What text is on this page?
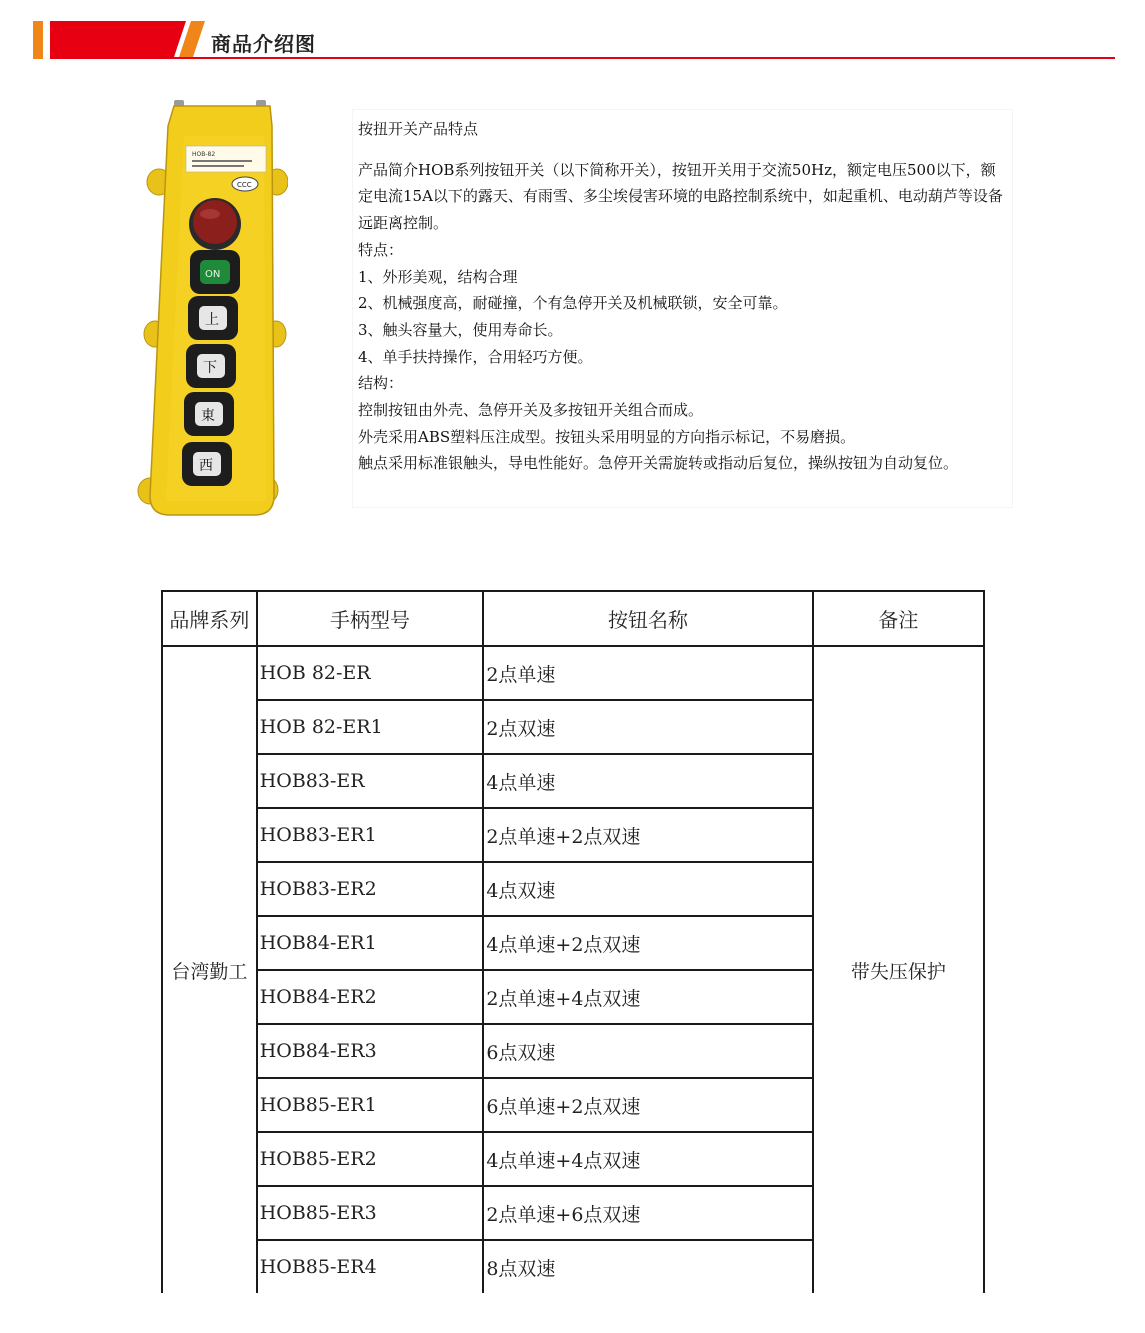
商品介绍图
HOB-82
CCC
ON
上
下
東
西

按扭开关产品特点

产品简介HOB系列按钮开关（以下简称开关），按钮开关用于交流50Hz，额定电压500以下，额定电流15A以下的露天、有雨雪、多尘埃侵害环境的电路控制系统中，如起重机、电动葫芦等设备远距离控制。

特点：

1、外形美观，结构合理

2、机械强度高，耐碰撞，个有急停开关及机械联锁，安全可靠。

3、触头容量大，使用寿命长。

4、单手扶持操作，合用轻巧方便。

结构：

控制按钮由外壳、急停开关及多按钮开关组合而成。

外壳采用ABS塑料压注成型。按钮头采用明显的方向指示标记，不易磨损。

触点采用标准银触头，导电性能好。急停开关需旋转或指动后复位，操纵按钮为自动复位。

品牌系列	手柄型号	按钮名称	备注
台湾勤工	HOB 82-ER	2点单速	带失压保护
	HOB 82-ER1	2点双速	
	HOB83-ER	4点单速	
	HOB83-ER1	2点单速+2点双速	
	HOB83-ER2	4点双速	
	HOB84-ER1	4点单速+2点双速	
	HOB84-ER2	2点单速+4点双速	
	HOB84-ER3	6点双速	
	HOB85-ER1	6点单速+2点双速	
	HOB85-ER2	4点单速+4点双速	
	HOB85-ER3	2点单速+6点双速	
	HOB85-ER4	8点双速	
